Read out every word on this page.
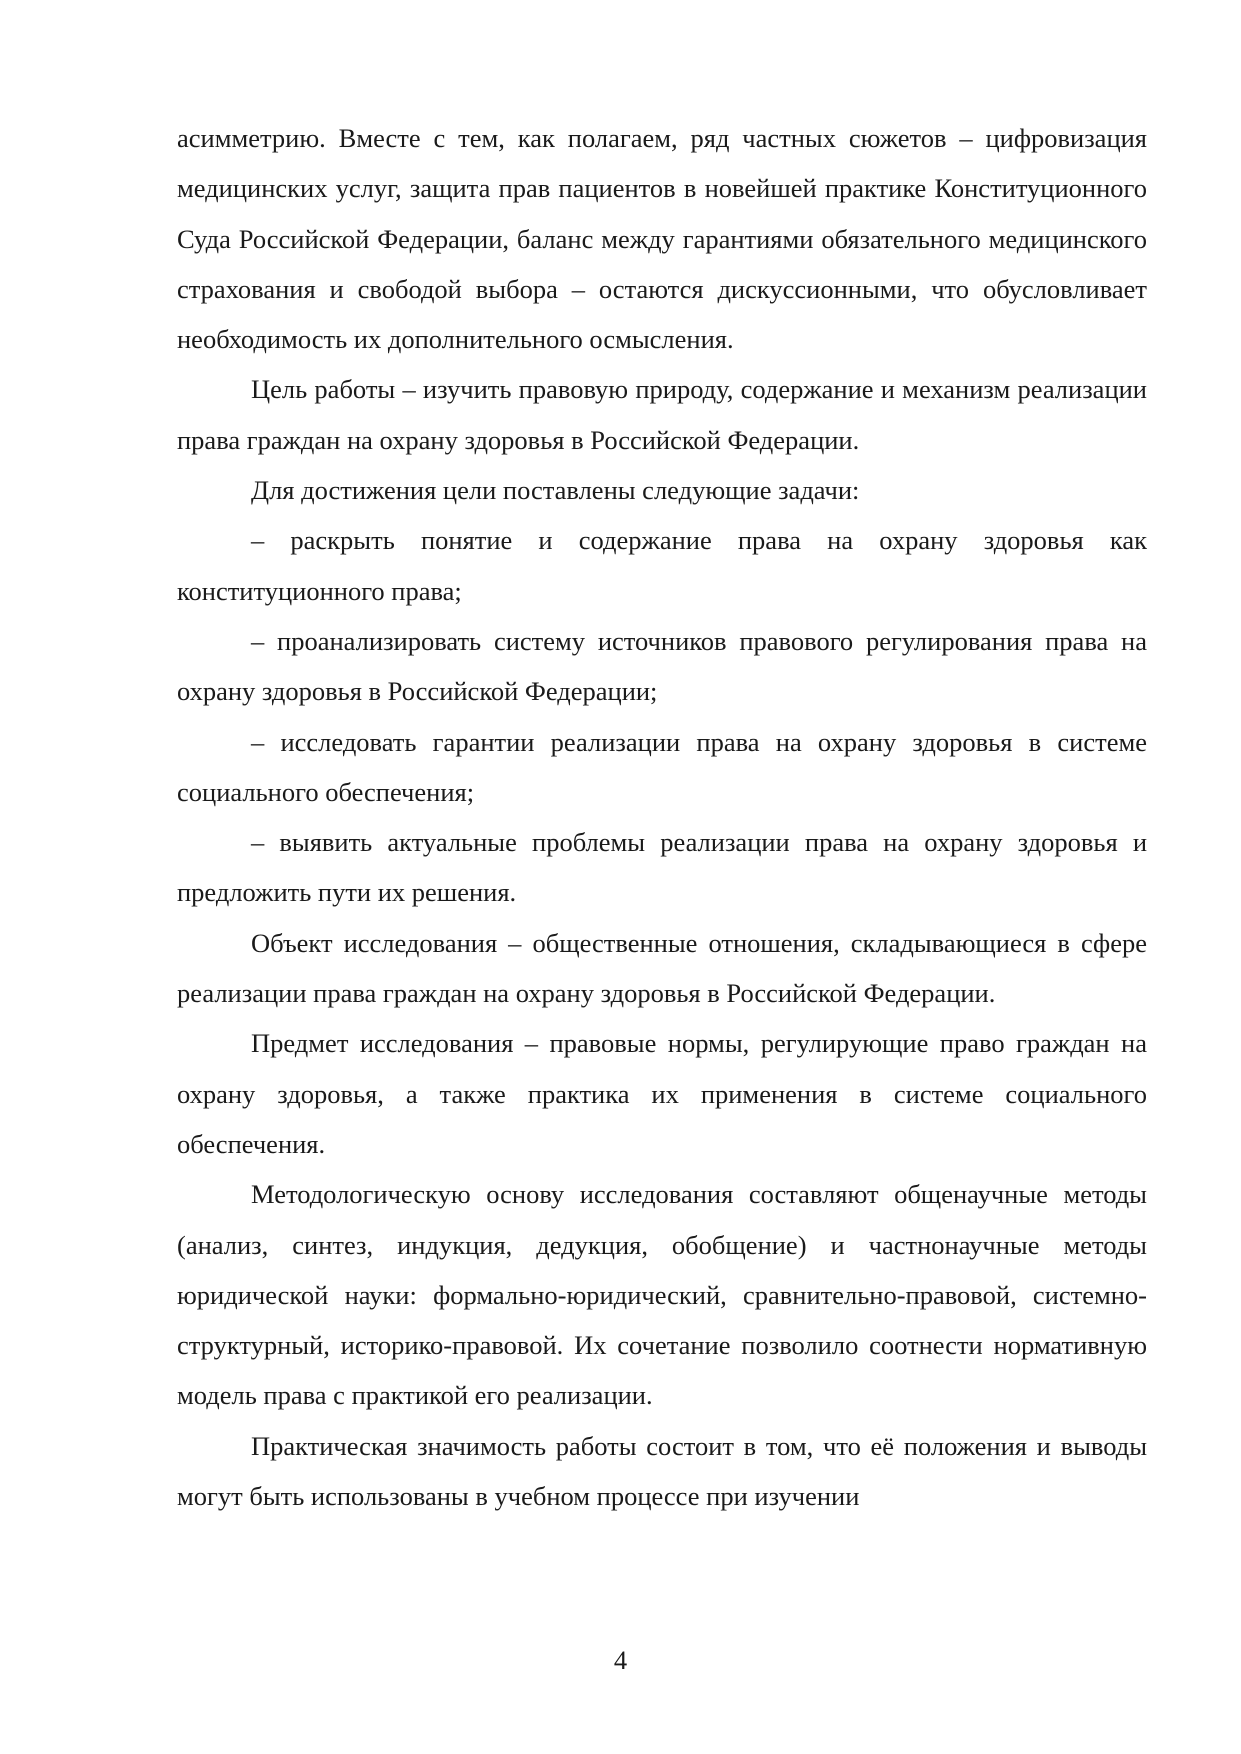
асимметрию. Вместе с тем, как полагаем, ряд частных сюжетов – цифровизация медицинских услуг, защита прав пациентов в новейшей практике Конституционного Суда Российской Федерации, баланс между гарантиями обязательного медицинского страхования и свободой выбора – остаются дискуссионными, что обусловливает необходимость их дополнительного осмысления.

Цель работы – изучить правовую природу, содержание и механизм реализации права граждан на охрану здоровья в Российской Федерации.

Для достижения цели поставлены следующие задачи:

– раскрыть понятие и содержание права на охрану здоровья как конституционного права;

– проанализировать систему источников правового регулирования права на охрану здоровья в Российской Федерации;

– исследовать гарантии реализации права на охрану здоровья в системе социального обеспечения;

– выявить актуальные проблемы реализации права на охрану здоровья и предложить пути их решения.

Объект исследования – общественные отношения, складывающиеся в сфере реализации права граждан на охрану здоровья в Российской Федерации.

Предмет исследования – правовые нормы, регулирующие право граждан на охрану здоровья, а также практика их применения в системе социального обеспечения.

Методологическую основу исследования составляют общенаучные методы (анализ, синтез, индукция, дедукция, обобщение) и частнонаучные методы юридической науки: формально-юридический, сравнительно-правовой, системно-структурный, историко-правовой. Их сочетание позволило соотнести нормативную модель права с практикой его реализации.

Практическая значимость работы состоит в том, что её положения и выводы могут быть использованы в учебном процессе при изучении

4
